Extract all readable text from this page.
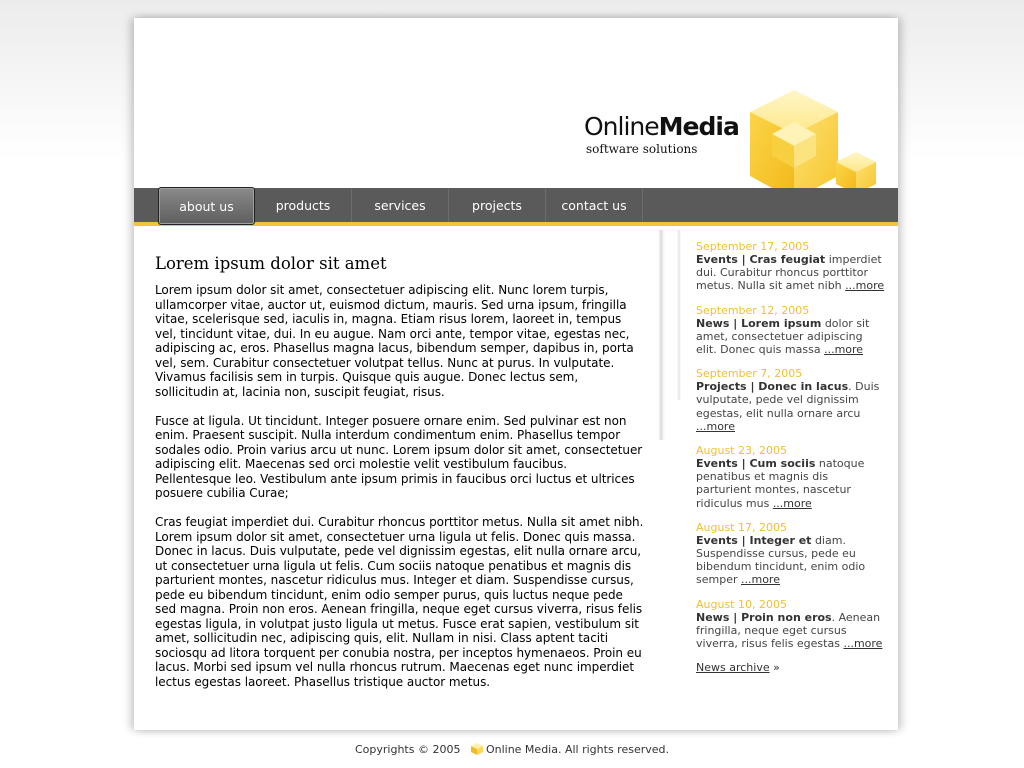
OnlineMedia
software solutions
about us	products	services	projects	contact us
Lorem ipsum dolor sit amet

Lorem ipsum dolor sit amet, consectetuer adipiscing elit. Nunc lorem turpis, ullamcorper vitae, auctor ut, euismod dictum, mauris. Sed urna ipsum, fringilla vitae, scelerisque sed, iaculis in, magna. Etiam risus lorem, laoreet in, tempus vel, tincidunt vitae, dui. In eu augue. Nam orci ante, tempor vitae, egestas nec, adipiscing ac, eros. Phasellus magna lacus, bibendum semper, dapibus in, porta vel, sem. Curabitur consectetuer volutpat tellus. Nunc at purus. In vulputate. Vivamus facilisis sem in turpis. Quisque quis augue. Donec lectus sem, sollicitudin at, lacinia non, suscipit feugiat, risus.

Fusce at ligula. Ut tincidunt. Integer posuere ornare enim. Sed pulvinar est non enim. Praesent suscipit. Nulla interdum condimentum enim. Phasellus tempor sodales odio. Proin varius arcu ut nunc. Lorem ipsum dolor sit amet, consectetuer adipiscing elit. Maecenas sed orci molestie velit vestibulum faucibus. Pellentesque leo. Vestibulum ante ipsum primis in faucibus orci luctus et ultrices posuere cubilia Curae;

Cras feugiat imperdiet dui. Curabitur rhoncus porttitor metus. Nulla sit amet nibh. Lorem ipsum dolor sit amet, consectetuer urna ligula ut felis. Donec quis massa. Donec in lacus. Duis vulputate, pede vel dignissim egestas, elit nulla ornare arcu, ut consectetuer urna ligula ut felis. Cum sociis natoque penatibus et magnis dis parturient montes, nascetur ridiculus mus. Integer et diam. Suspendisse cursus, pede eu bibendum tincidunt, enim odio semper purus, quis luctus neque pede sed magna. Proin non eros. Aenean fringilla, neque eget cursus viverra, risus felis egestas ligula, in volutpat justo ligula ut metus. Fusce erat sapien, vestibulum sit amet, sollicitudin nec, adipiscing quis, elit. Nullam in nisi. Class aptent taciti sociosqu ad litora torquent per conubia nostra, per inceptos hymenaeos. Proin eu lacus. Morbi sed ipsum vel nulla rhoncus rutrum. Maecenas eget nunc imperdiet lectus egestas laoreet. Phasellus tristique auctor metus.

September 17, 2005
Events | Cras feugiat imperdiet dui. Curabitur rhoncus porttitor metus. Nulla sit amet nibh ...more
September 12, 2005
News | Lorem ipsum dolor sit amet, consectetuer adipiscing elit. Donec quis massa ...more
September 7, 2005
Projects | Donec in lacus. Duis vulputate, pede vel dignissim egestas, elit nulla ornare arcu ...more
August 23, 2005
Events | Cum sociis natoque penatibus et magnis dis parturient montes, nascetur ridiculus mus ...more
August 17, 2005
Events | Integer et diam. Suspendisse cursus, pede eu bibendum tincidunt, enim odio semper ...more
August 10, 2005
News | Proin non eros. Aenean fringilla, neque eget cursus viverra, risus felis egestas ...more
News archive »
Copyrights © 2005 Online Media. All rights reserved.
